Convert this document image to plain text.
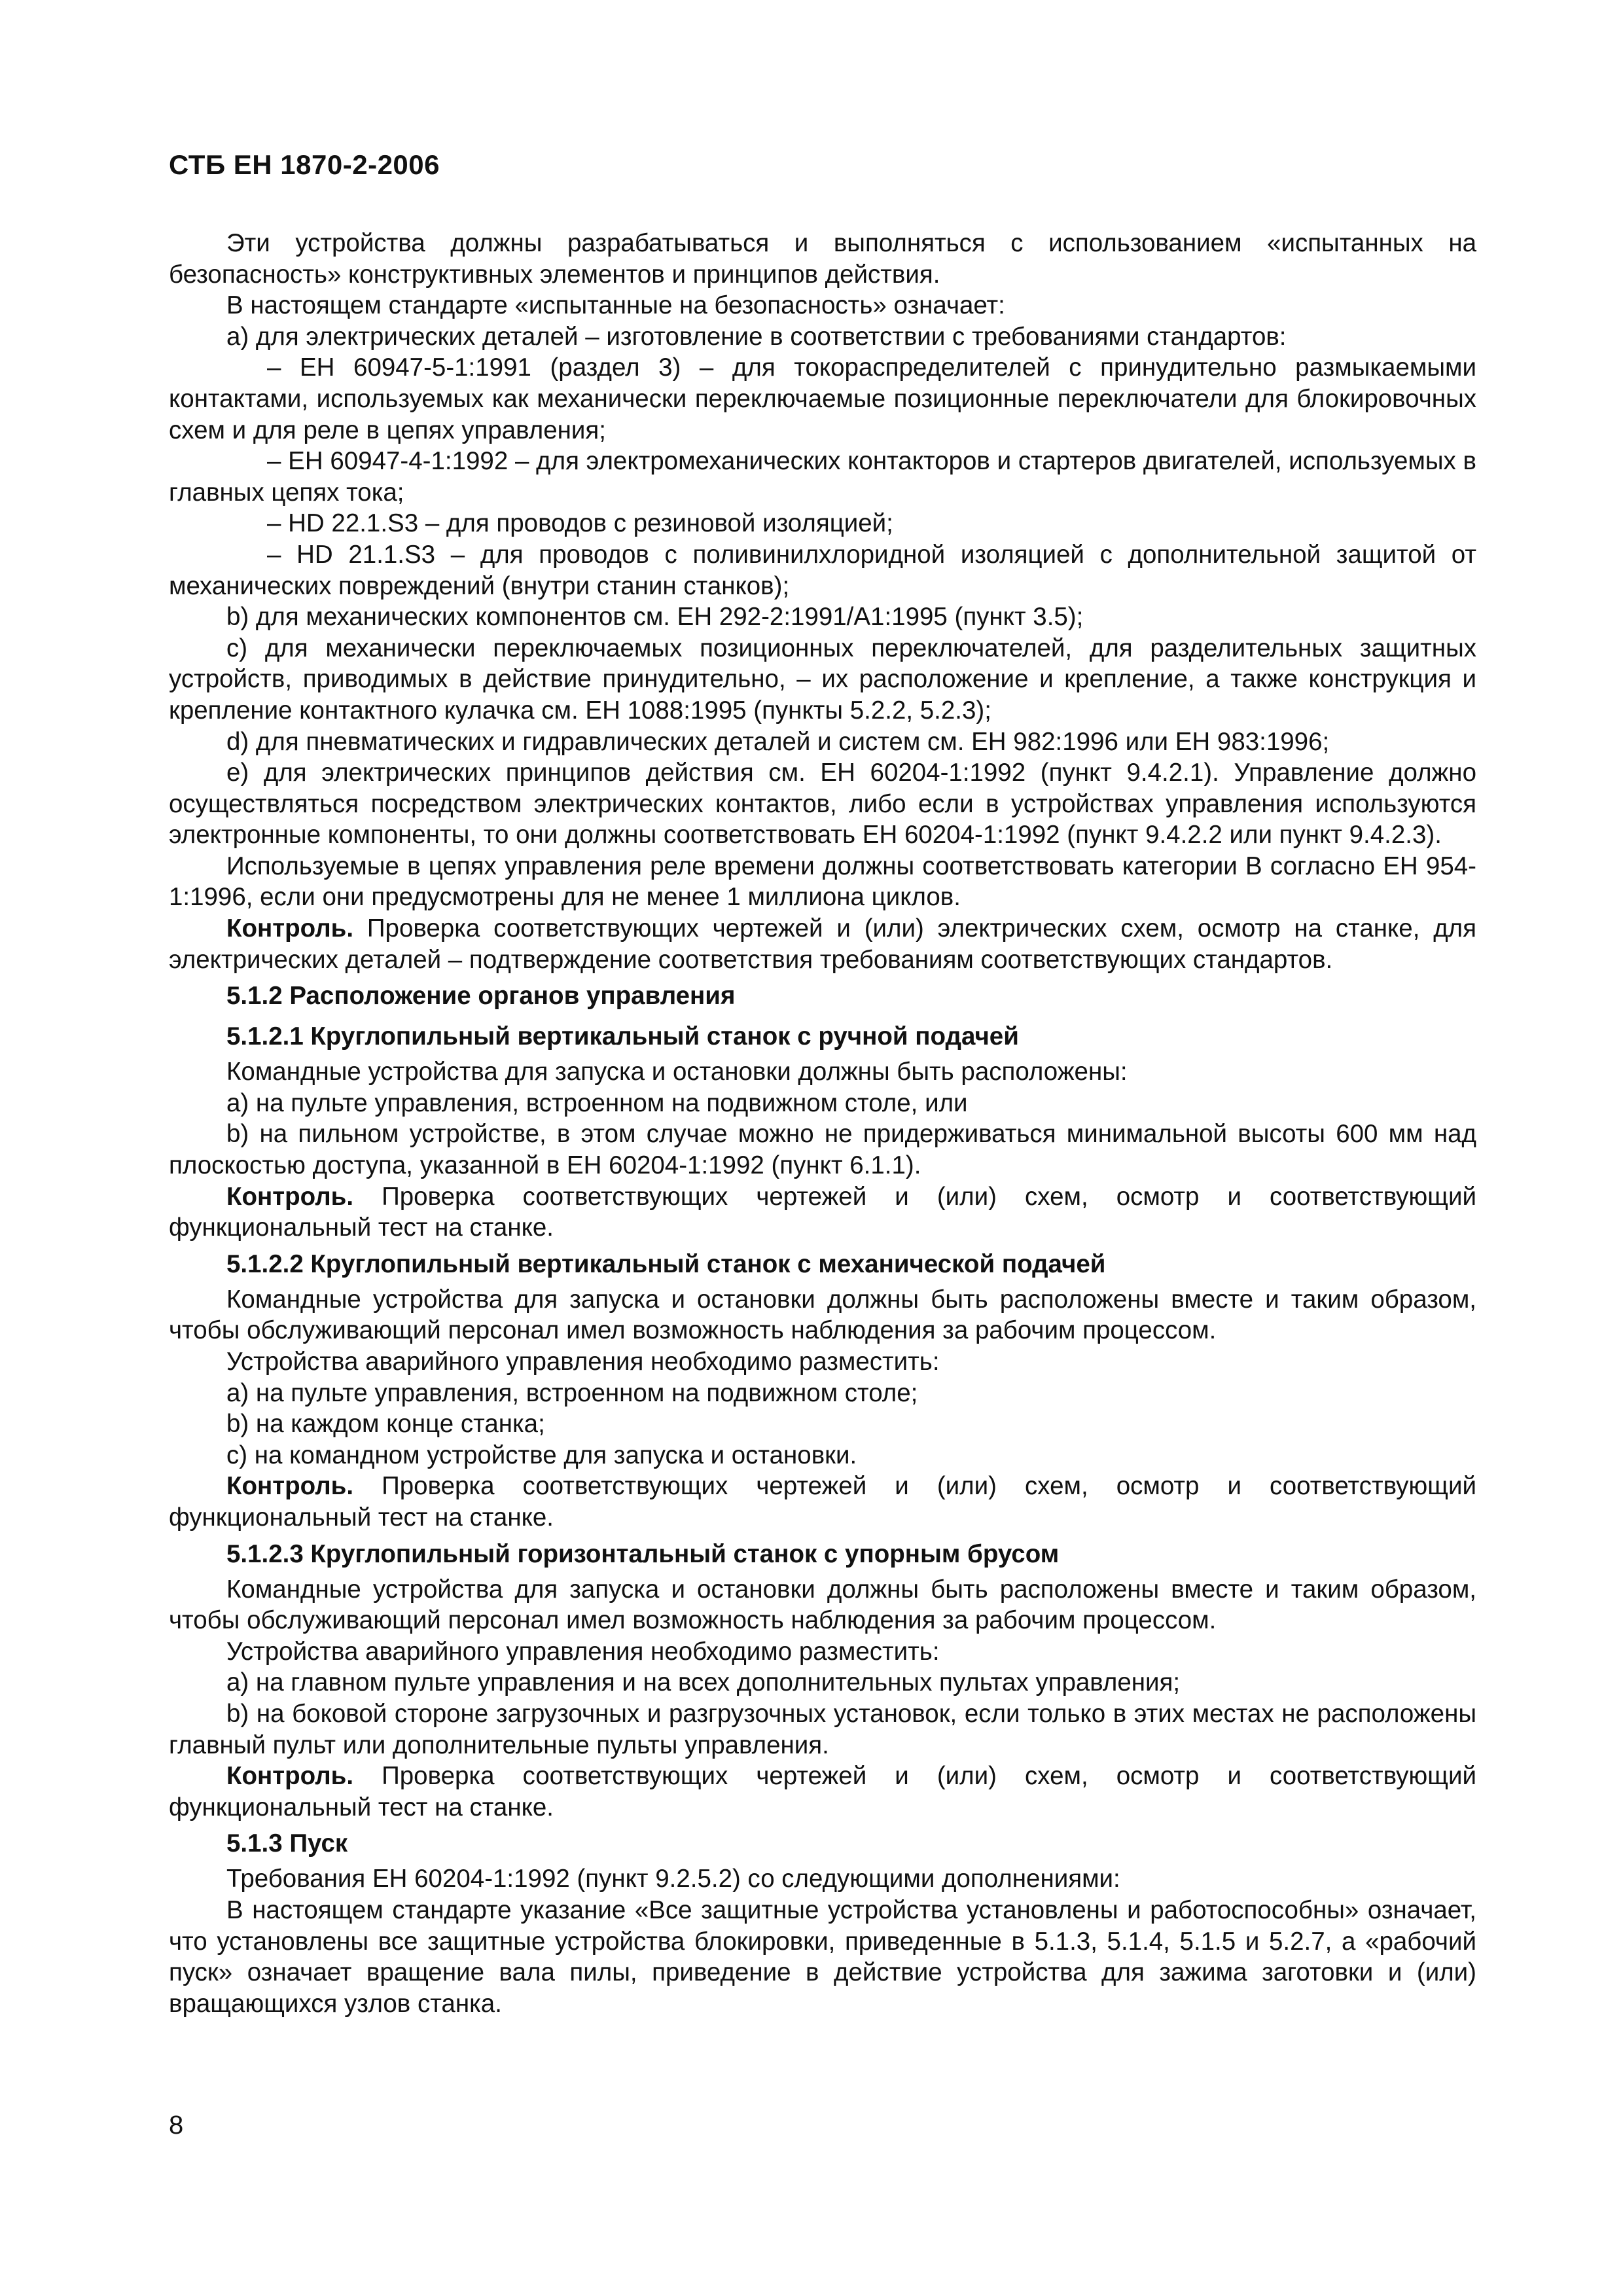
СТБ ЕН 1870-2-2006

Эти устройства должны разрабатываться и выполняться с использованием «испытанных на безопасность» конструктивных элементов и принципов действия.

В настоящем стандарте «испытанные на безопасность» означает:

a) для электрических деталей – изготовление в соответствии с требованиями стандартов:

– ЕН 60947-5-1:1991 (раздел 3) – для токораспределителей с принудительно размыкаемыми контактами, используемых как механически переключаемые позиционные переключатели для блокировочных схем и для реле в цепях управления;

– ЕН 60947-4-1:1992 – для электромеханических контакторов и стартеров двигателей, используемых в главных цепях тока;

– HD 22.1.S3 – для проводов с резиновой изоляцией;

– HD 21.1.S3 – для проводов с поливинилхлоридной изоляцией с дополнительной защитой от механических повреждений (внутри станин станков);

b) для механических компонентов см. ЕН 292-2:1991/А1:1995 (пункт 3.5);

c) для механически переключаемых позиционных переключателей, для разделительных защитных устройств, приводимых в действие принудительно, – их расположение и крепление, а также конструкция и крепление контактного кулачка см. ЕН 1088:1995 (пункты 5.2.2, 5.2.3);

d) для пневматических и гидравлических деталей и систем см. ЕН 982:1996 или ЕН 983:1996;

e) для электрических принципов действия см. ЕН 60204-1:1992 (пункт 9.4.2.1). Управление должно осуществляться посредством электрических контактов, либо если в устройствах управления используются электронные компоненты, то они должны соответствовать ЕН 60204-1:1992 (пункт 9.4.2.2 или пункт 9.4.2.3).

Используемые в цепях управления реле времени должны соответствовать категории В согласно ЕН 954-1:1996, если они предусмотрены для не менее 1 миллиона циклов.

Контроль. Проверка соответствующих чертежей и (или) электрических схем, осмотр на станке, для электрических деталей – подтверждение соответствия требованиям соответствующих стандартов.

5.1.2 Расположение органов управления
5.1.2.1 Круглопильный вертикальный станок с ручной подачей

Командные устройства для запуска и остановки должны быть расположены:

a) на пульте управления, встроенном на подвижном столе, или

b) на пильном устройстве, в этом случае можно не придерживаться минимальной высоты 600 мм над плоскостью доступа, указанной в ЕН 60204-1:1992 (пункт 6.1.1).

Контроль. Проверка соответствующих чертежей и (или) схем, осмотр и соответствующий функциональный тест на станке.

5.1.2.2 Круглопильный вертикальный станок с механической подачей

Командные устройства для запуска и остановки должны быть расположены вместе и таким образом, чтобы обслуживающий персонал имел возможность наблюдения за рабочим процессом.

Устройства аварийного управления необходимо разместить:

a) на пульте управления, встроенном на подвижном столе;

b) на каждом конце станка;

c) на командном устройстве для запуска и остановки.

Контроль. Проверка соответствующих чертежей и (или) схем, осмотр и соответствующий функциональный тест на станке.

5.1.2.3 Круглопильный горизонтальный станок с упорным брусом

Командные устройства для запуска и остановки должны быть расположены вместе и таким образом, чтобы обслуживающий персонал имел возможность наблюдения за рабочим процессом.

Устройства аварийного управления необходимо разместить:

a) на главном пульте управления и на всех дополнительных пультах управления;

b) на боковой стороне загрузочных и разгрузочных установок, если только в этих местах не расположены главный пульт или дополнительные пульты управления.

Контроль. Проверка соответствующих чертежей и (или) схем, осмотр и соответствующий функциональный тест на станке.

5.1.3 Пуск

Требования ЕН 60204-1:1992 (пункт 9.2.5.2) со следующими дополнениями:

В настоящем стандарте указание «Все защитные устройства установлены и работоспособны» означает, что установлены все защитные устройства блокировки, приведенные в 5.1.3, 5.1.4, 5.1.5 и 5.2.7, а «рабочий пуск» означает вращение вала пилы, приведение в действие устройства для зажима заготовки и (или) вращающихся узлов станка.

8
